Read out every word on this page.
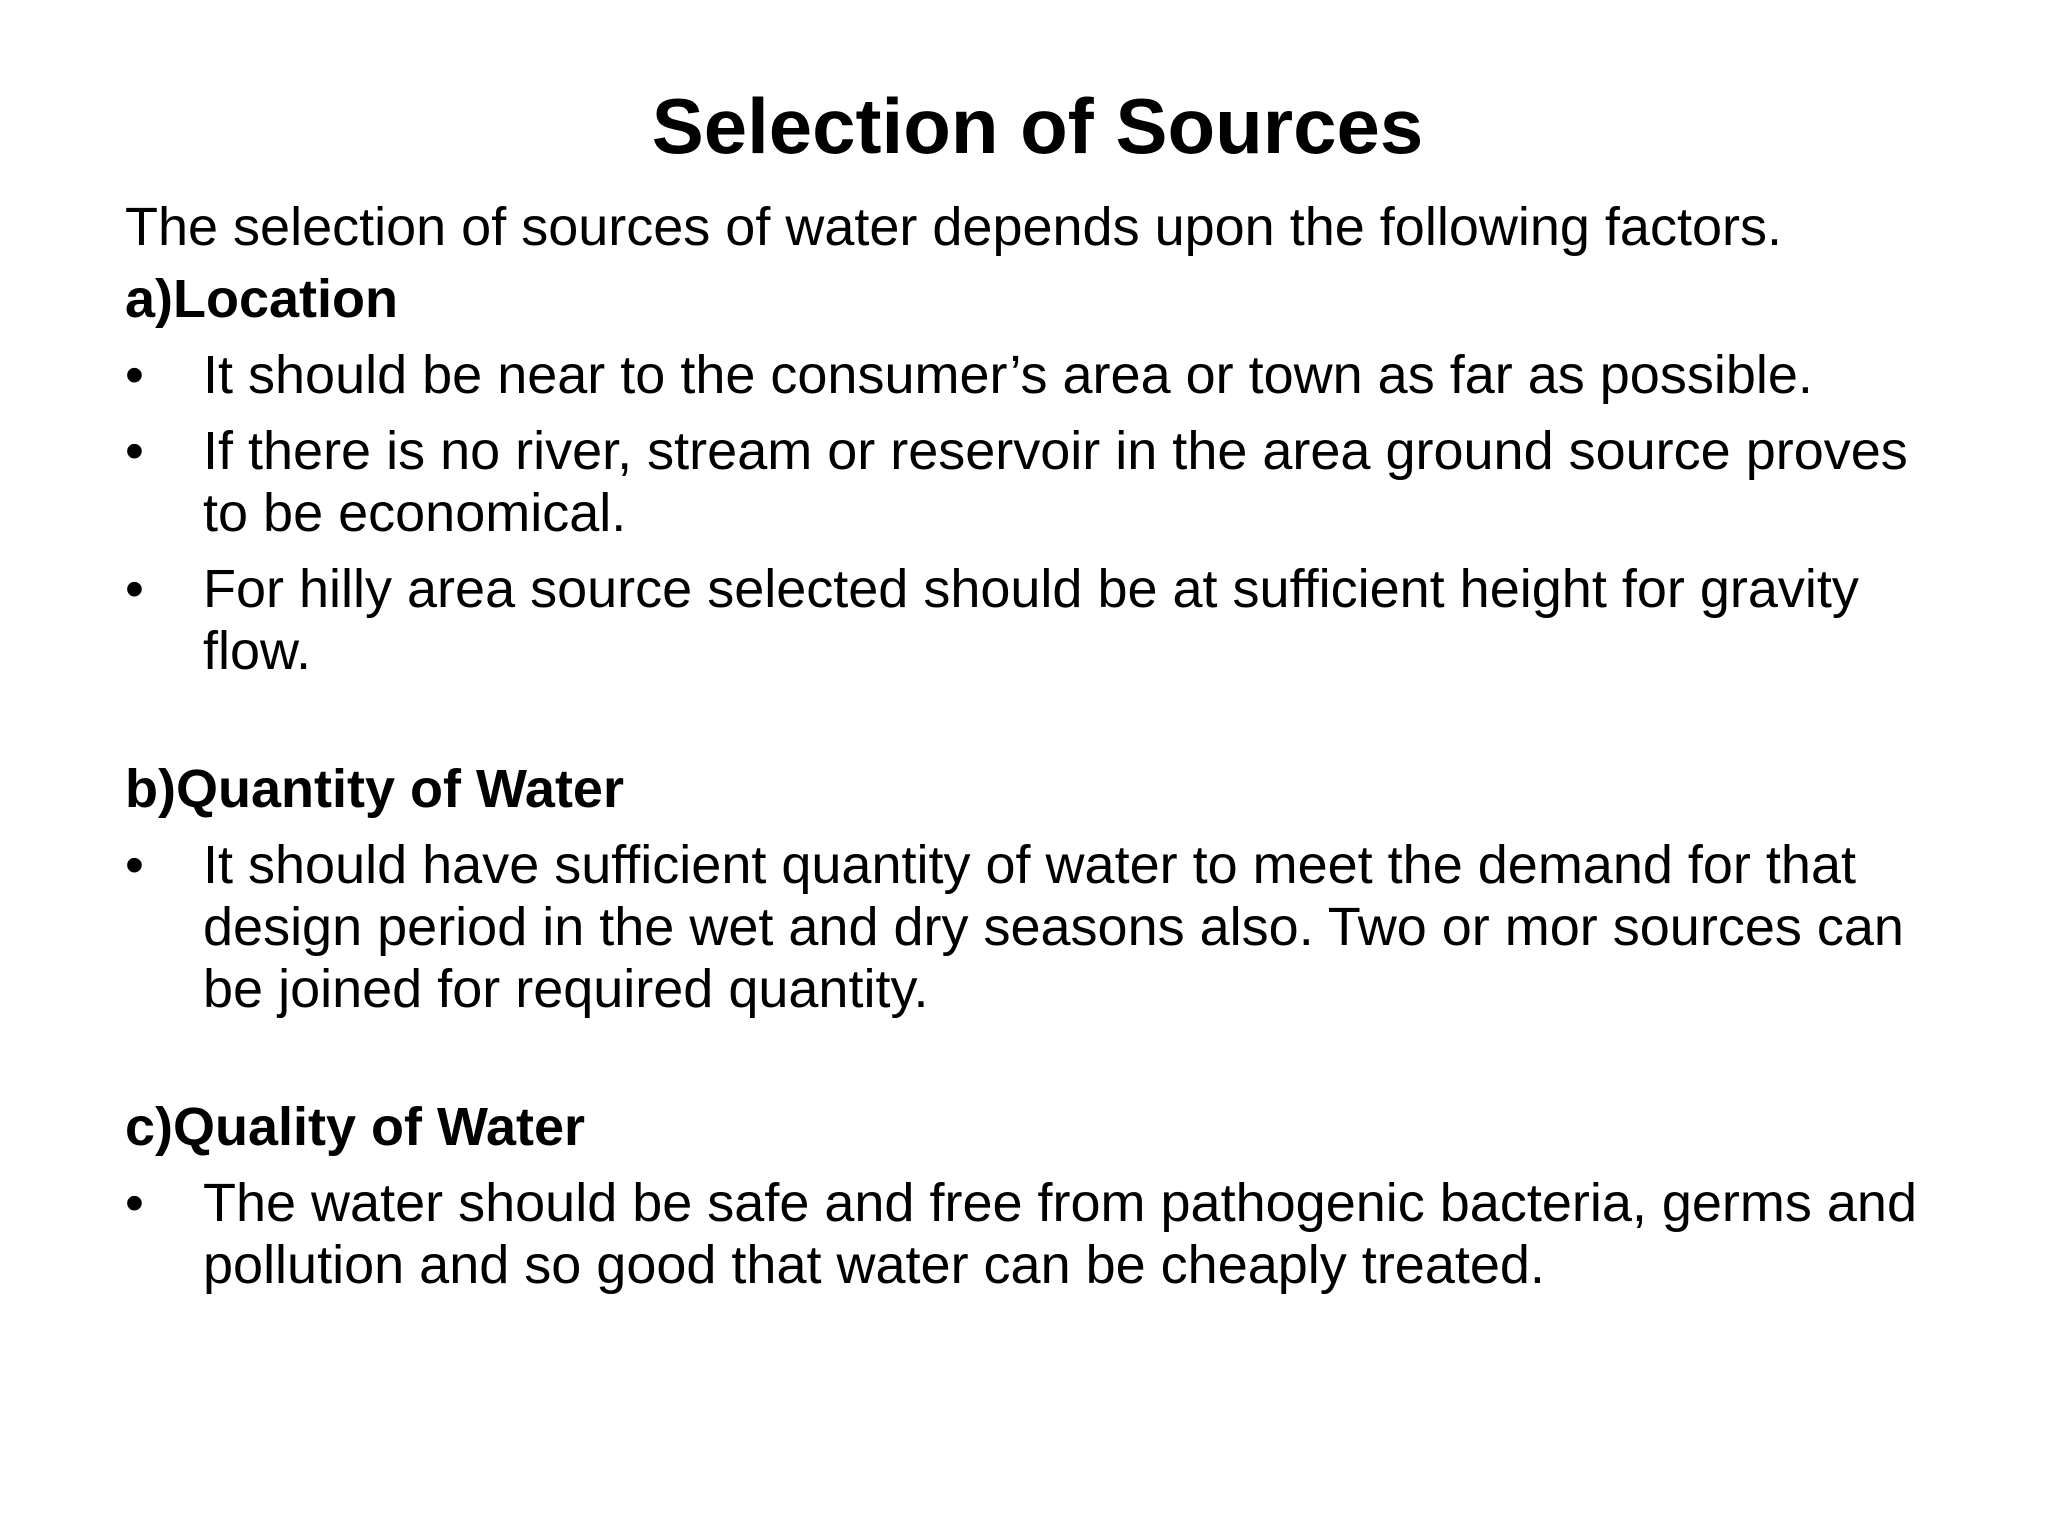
Selection of Sources
The selection of sources of water depends upon the following factors.
a)Location
•	It should be near to the consumer’s area or town as far as possible.
•	If there is no river, stream or reservoir in the area ground source proves to be economical.
•	For hilly area source selected should be at sufficient height for gravity flow.
b)Quantity of Water
•	It should have sufficient quantity of water to meet the demand for that design period in the wet and dry seasons also. Two or mor sources can be joined for required quantity.
c)Quality of Water
•	The water should be safe and free from pathogenic bacteria, germs and pollution and so good that water can be cheaply treated.
